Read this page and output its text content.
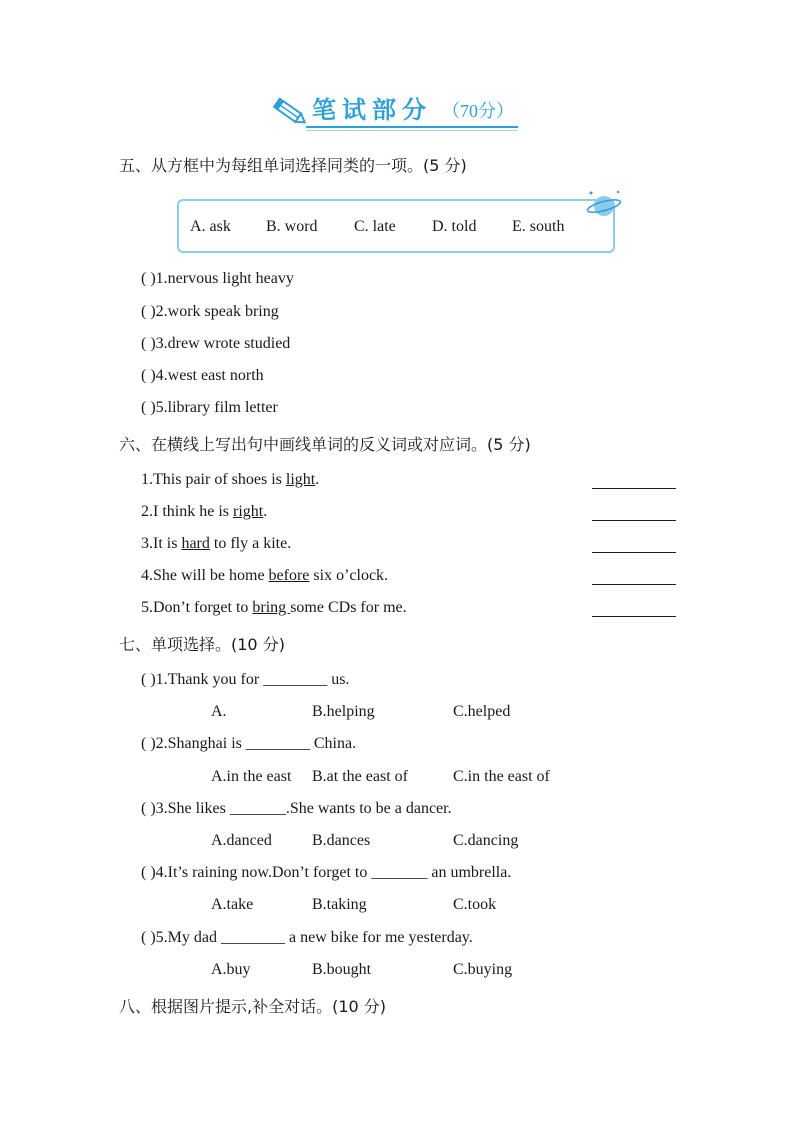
笔试部分 （70分）
五、从方框中为每组单词选择同类的一项。(5 分)
A. ask B. word C. late D. told E. south
( )1.nervous light heavy
( )2.work speak bring
( )3.drew wrote studied
( )4.west east north
( )5.library film letter
六、在横线上写出句中画线单词的反义词或对应词。(5 分)
1.This pair of shoes is light.
2.I think he is right.
3.It is hard to fly a kite.
4.She will be home before six o’clock.
5.Don’t forget to bring some CDs for me.
七、单项选择。(10 分)
( )1.Thank you for ________ us.
A.	B.helping	C.helped
( )2.Shanghai is ________ China.
A.in the east B.at the east of	C.in the east of
( )3.She likes _______.She wants to be a dancer.
A.danced	B.dances	C.dancing
( )4.It’s raining now.Don’t forget to _______ an umbrella.
A.take	B.taking	C.took
( )5.My dad ________ a new bike for me yesterday.
A.buy	B.bought	C.buying
八、根据图片提示,补全对话。(10 分)
